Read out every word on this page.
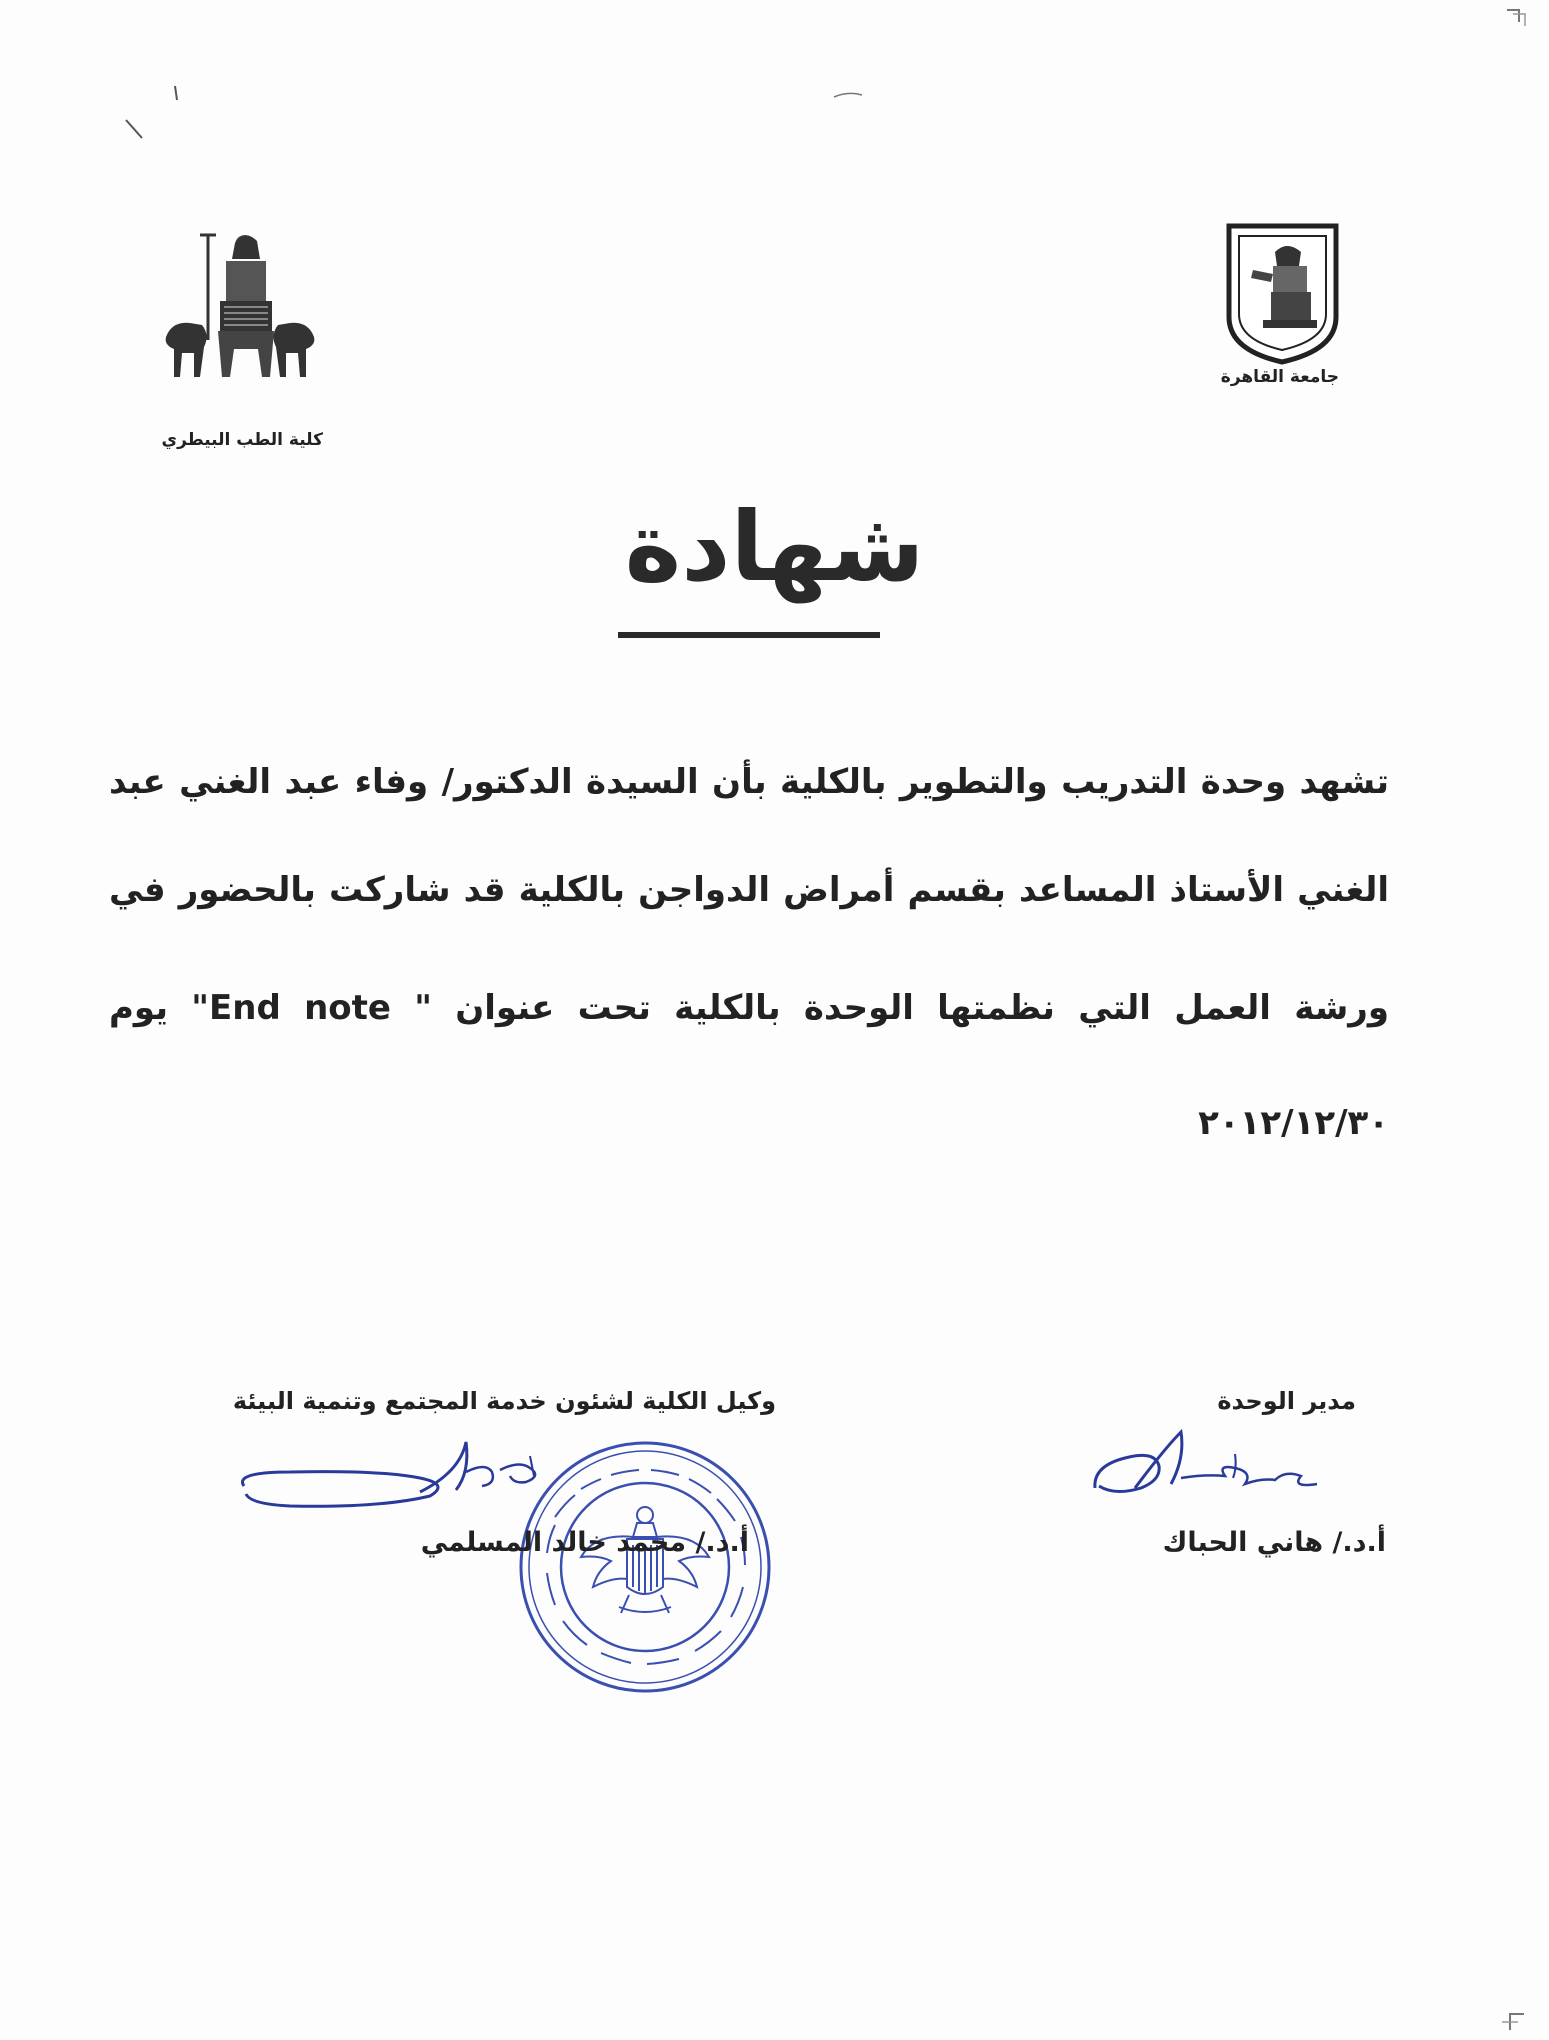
كلية الطب البيطري
جامعة القاهرة
شهادة
تشهد وحدة التدريب والتطوير بالكلية بأن السيدة الدكتور/ وفاء عبد الغني عبد
الغني الأستاذ المساعد بقسم أمراض الدواجن بالكلية قد شاركت بالحضور في
ورشة العمل التي نظمتها الوحدة بالكلية تحت عنوان " End note" يوم
٢٠١٢/١٢/٣٠
مدير الوحدة
وكيل الكلية لشئون خدمة المجتمع وتنمية البيئة
أ.د./ هاني الحباك
أ.د./ محمد خالد المسلمي
